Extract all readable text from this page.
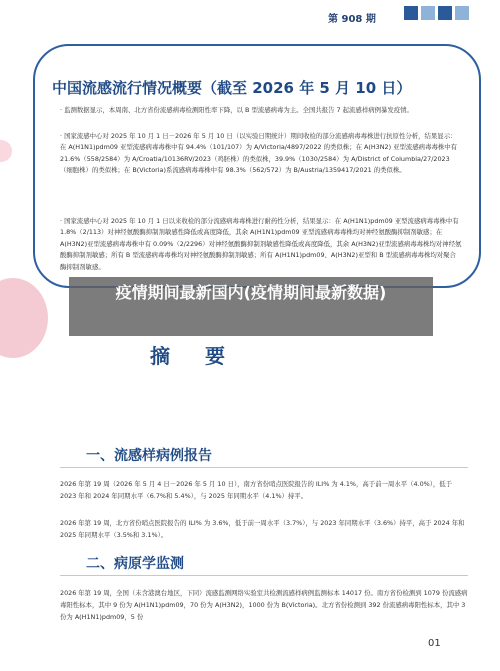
第 908 期
中国流感流行情况概要（截至 2026 年 5 月 10 日）
· 监测数据显示，本周南、北方省份流感病毒检测阳性率下降，以 B 型流感病毒为主。全国共报告 7 起流感样病例暴发疫情。
· 国家流感中心对 2025 年 10 月 1 日－2026 年 5 月 10 日（以实验日期统计）期间收检的部分流感病毒毒株进行抗原性分析，结果显示：在 A(H1N1)pdm09 亚型流感病毒毒株中有 94.4%（101/107）为 A/Victoria/4897/2022 的类似株；在 A(H3N2) 亚型流感病毒毒株中有 21.6%（558/2584）为 A/Croatia/10136RV/2023（鸡胚株）的类似株，39.9%（1030/2584）为 A/District of Columbia/27/2023（细胞株）的类似株；在 B(Victoria)系流感病毒毒株中有 98.3%（562/572）为 B/Austria/1359417/2021 的类似株。
· 国家流感中心对 2025 年 10 月 1 日以来收检的部分流感病毒毒株进行耐药性分析，结果显示：在 A(H1N1)pdm09 亚型流感病毒毒株中有 1.8%（2/113）对神经氨酸酶抑制剂敏感性降低或高度降低，其余 A(H1N1)pdm09 亚型流感病毒毒株均对神经氨酸酶抑制剂敏感；在 A(H3N2)亚型流感病毒毒株中有 0.09%（2/2296）对神经氨酸酶抑制剂敏感性降低或高度降低，其余 A(H3N2)亚型流感病毒毒株均对神经氨酸酶抑制剂敏感；所有 B 型流感病毒毒株均对神经氨酸酶抑制剂敏感；所有 A(H1N1)pdm09、A(H3N2)亚型和 B 型流感病毒毒株均对聚合酶抑制剂敏感。
疫情期间最新国内(疫情期间最新数据)
摘 要
一、流感样病例报告
2026 年第 19 周（2026 年 5 月 4 日－2026 年 5 月 10 日），南方省份哨点医院报告的 ILI% 为 4.1%，高于前一周水平（4.0%），低于 2023 年和 2024 年同期水平（6.7%和 5.4%），与 2025 年同期水平（4.1%）持平。
2026 年第 19 周，北方省份哨点医院报告的 ILI% 为 3.6%，低于前一周水平（3.7%），与 2023 年同期水平（3.6%）持平，高于 2024 年和 2025 年同期水平（3.5%和 3.1%）。
二、病原学监测
2026 年第 19 周，全国（未含港澳台地区，下同）流感监测网络实验室共检测流感样病例监测标本 14017 份。南方省份检测到 1079 份流感病毒阳性标本，其中 9 份为 A(H1N1)pdm09，70 份为 A(H3N2)，1000 份为 B(Victoria)。北方省份检测到 392 份流感病毒阳性标本，其中 3 份为 A(H1N1)pdm09，5 份
01
